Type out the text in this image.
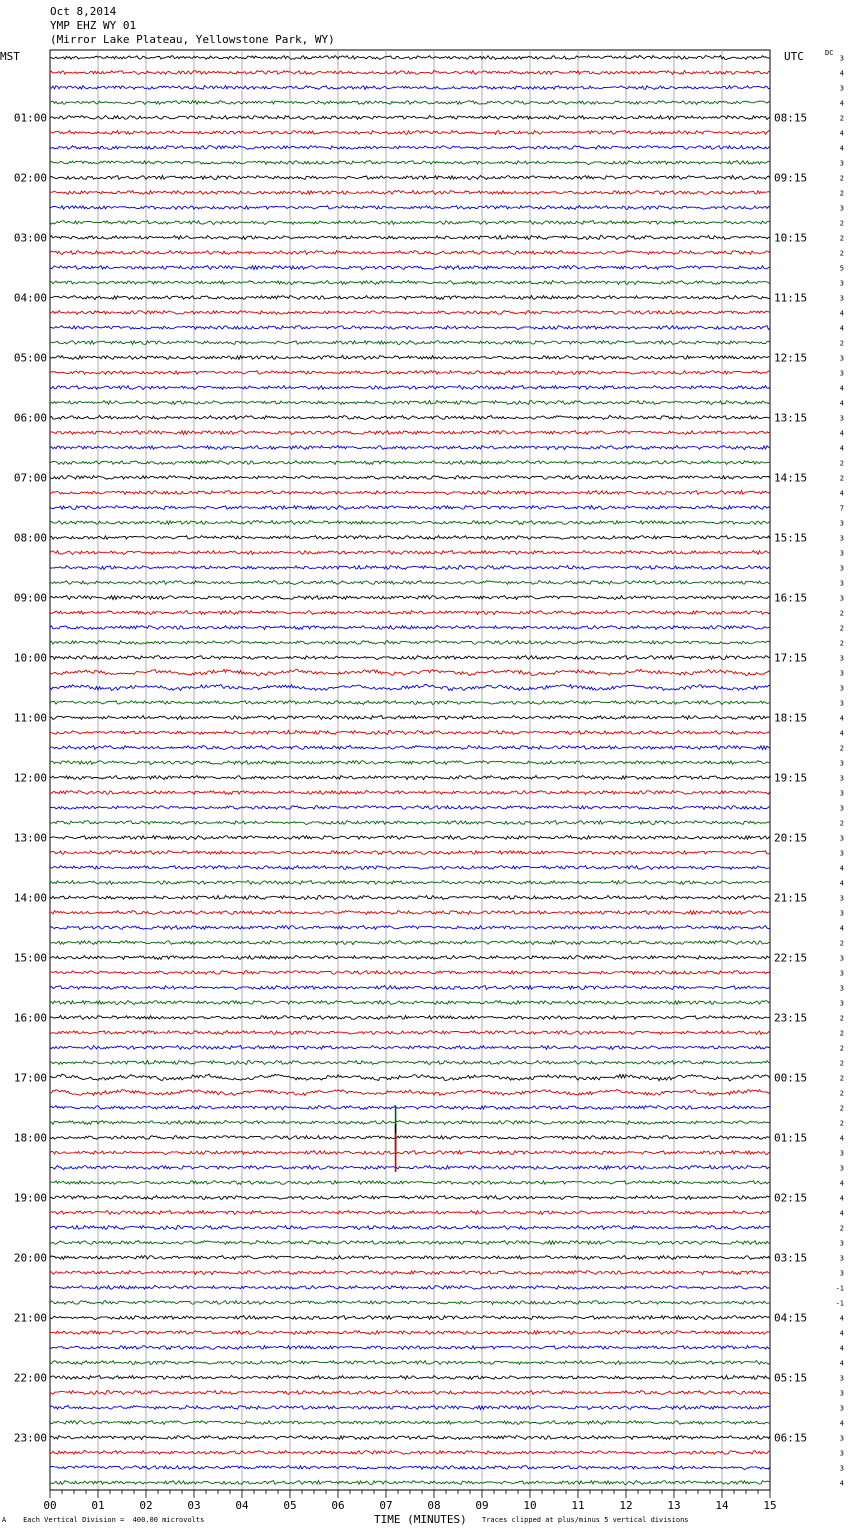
Oct 8,2014
YMP EHZ WY 01
(Mirror Lake Plateau, Yellowstone Park, WY)
MST	UTC	DC
00	01	02	03	04	05	06	07	08	09	10	11	12	13	14	15
01:00
02:00
03:00
04:00
05:00
06:00
07:00
08:00
09:00
10:00
11:00
12:00
13:00
14:00
15:00
16:00
17:00
18:00
19:00
20:00
21:00
22:00
23:00
08:15
09:15
10:15
11:15
12:15
13:15
14:15
15:15
16:15
17:15
18:15
19:15
20:15
21:15
22:15
23:15
00:15
01:15
02:15
03:15
04:15
05:15
06:15
3
4
3
4
2
4
4
3
2
2
3
2
2
2
5
3
3
4
4
2
3
3
4
4
3
4
4
2
2
4
7
3
3
3
3
3
3
2
2
2
3
3
3
3
4
4
2
3
3
3
3
2
3
3
4
4
3
3
4
2
3
3
3
3
2
2
2
2
2
2
2
2
4
3
3
4
4
4
2
3
3
3
-1
-1
4
4
4
4
3
3
3
4
3
3
3
4
A Each Vertical Division =  400.00 microvolts	TIME (MINUTES) Traces clipped at plus/minus 5 vertical divisions
